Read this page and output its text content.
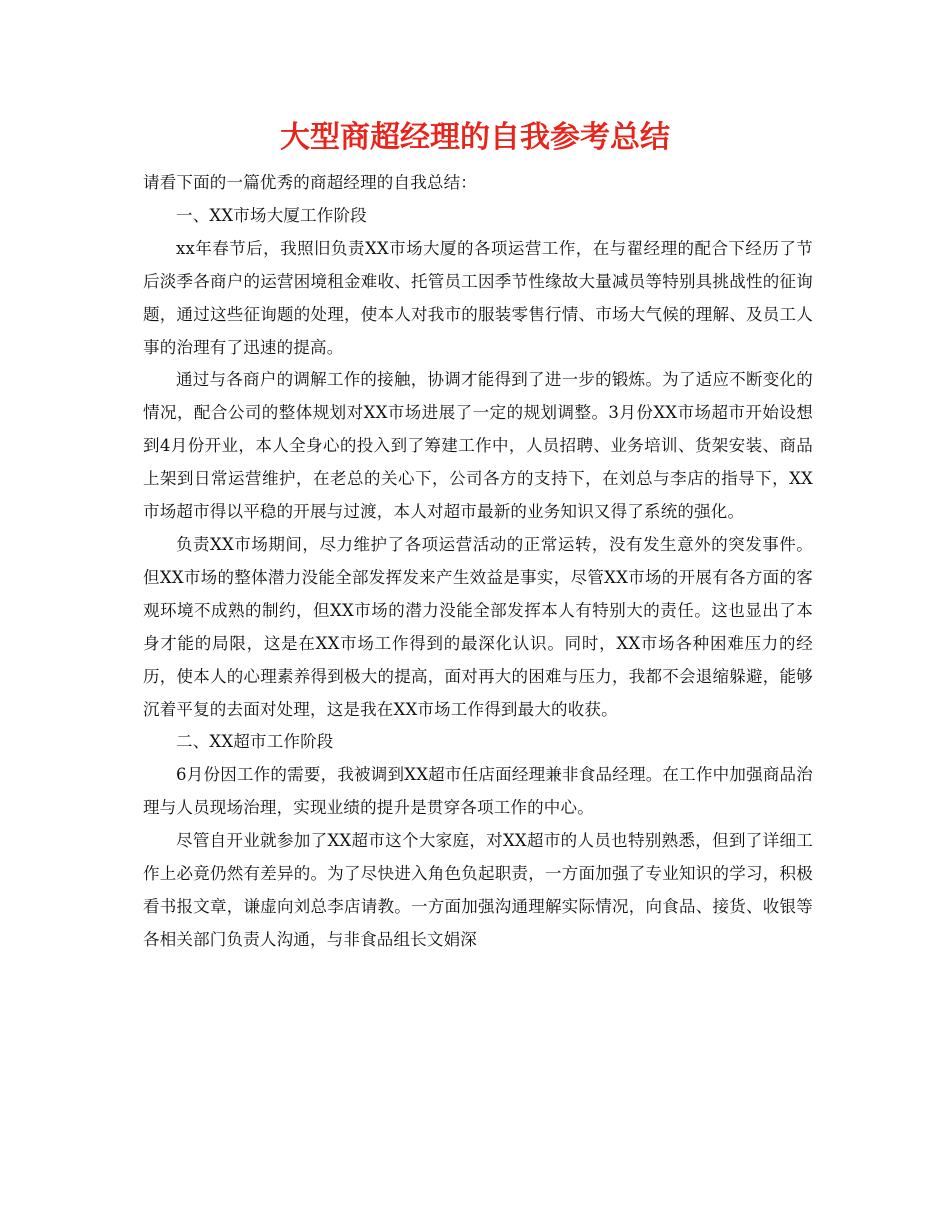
大型商超经理的自我参考总结

请看下面的一篇优秀的商超经理的自我总结：

一、XX市场大厦工作阶段

xx年春节后，我照旧负责XX市场大厦的各项运营工作，在与翟经理的配合下经历了节后淡季各商户的运营困境租金难收、托管员工因季节性缘故大量减员等特别具挑战性的征询题，通过这些征询题的处理，使本人对我市的服装零售行情、市场大气候的理解、及员工人事的治理有了迅速的提高。

通过与各商户的调解工作的接触，协调才能得到了进一步的锻炼。为了适应不断变化的情况，配合公司的整体规划对XX市场进展了一定的规划调整。3月份XX市场超市开始设想到4月份开业，本人全身心的投入到了筹建工作中，人员招聘、业务培训、货架安装、商品上架到日常运营维护，在老总的关心下，公司各方的支持下，在刘总与李店的指导下，XX市场超市得以平稳的开展与过渡，本人对超市最新的业务知识又得了系统的强化。

负责XX市场期间，尽力维护了各项运营活动的正常运转，没有发生意外的突发事件。但XX市场的整体潜力没能全部发挥发来产生效益是事实，尽管XX市场的开展有各方面的客观环境不成熟的制约，但XX市场的潜力没能全部发挥本人有特别大的责任。这也显出了本身才能的局限，这是在XX市场工作得到的最深化认识。同时，XX市场各种困难压力的经历，使本人的心理素养得到极大的提高，面对再大的困难与压力，我都不会退缩躲避，能够沉着平复的去面对处理，这是我在XX市场工作得到最大的收获。

二、XX超市工作阶段

6月份因工作的需要，我被调到XX超市任店面经理兼非食品经理。在工作中加强商品治理与人员现场治理，实现业绩的提升是贯穿各项工作的中心。

尽管自开业就参加了XX超市这个大家庭，对XX超市的人员也特别熟悉，但到了详细工作上必竟仍然有差异的。为了尽快进入角色负起职责，一方面加强了专业知识的学习，积极看书报文章，谦虚向刘总李店请教。一方面加强沟通理解实际情况，向食品、接货、收银等各相关部门负责人沟通，与非食品组长文娟深
